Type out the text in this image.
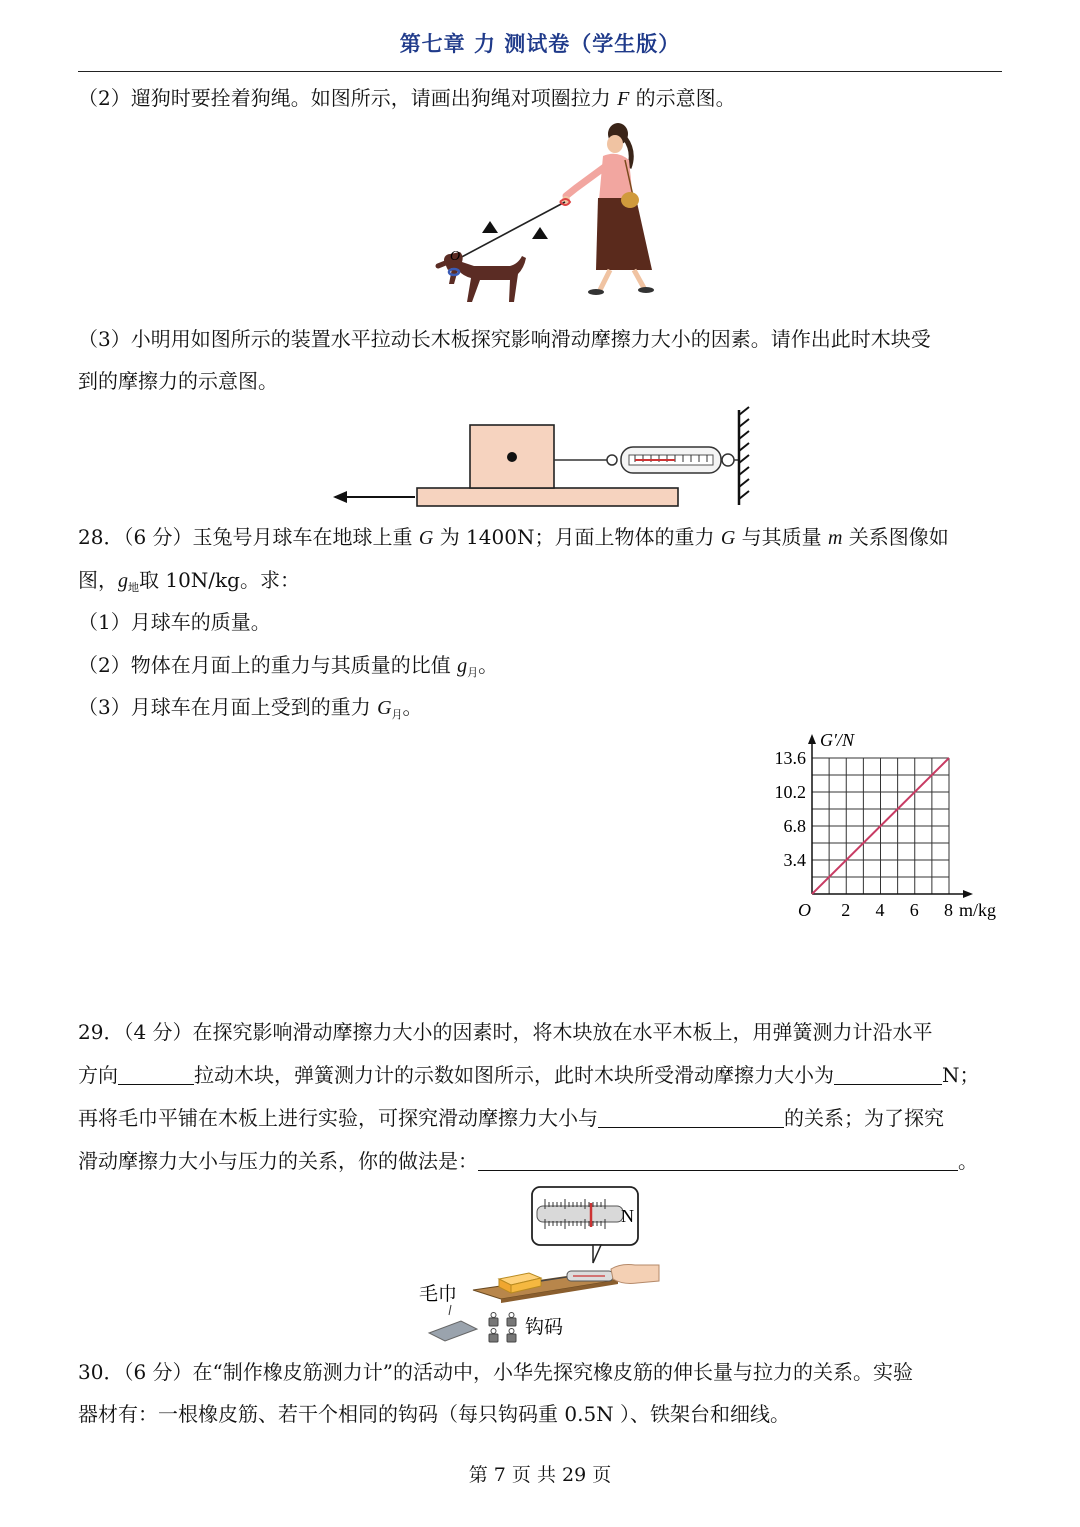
第七章 力 测试卷（学生版）
（2）遛狗时要拴着狗绳。如图所示，请画出狗绳对项圈拉力 F 的示意图。
O
（3）小明用如图所示的装置水平拉动长木板探究影响滑动摩擦力大小的因素。请作出此时木块受
到的摩擦力的示意图。
28．（6 分）玉兔号月球车在地球上重 G 为 1400N；月面上物体的重力 G 与其质量 m 关系图像如
图，$g_地$取 10N/kg。求：
（1）月球车的质量。
（2）物体在月面上的重力与其质量的比值 $g_月$。
（3）月球车在月面上受到的重力 $G_月$。
2 4 6 8
3.4
6.8
10.2
13.6
G′/N
m/kg
O
29．（4 分）在探究影响滑动摩擦力大小的因素时，将木块放在水平木板上，用弹簧测力计沿水平
方向	拉动木块，弹簧测力计的示数如图所示，此时木块所受滑动摩擦力大小为	N；
再将毛巾平铺在木板上进行实验，可探究滑动摩擦力大小与	的关系；为了探究
滑动摩擦力大小与压力的关系，你的做法是：	。
N
毛巾
钩码
30．（6 分）在“制作橡皮筋测力计”的活动中，小华先探究橡皮筋的伸长量与拉力的关系。实验
器材有：一根橡皮筋、若干个相同的钩码（每只钩码重 0.5N ）、铁架台和细线。
第 7 页 共 29 页
